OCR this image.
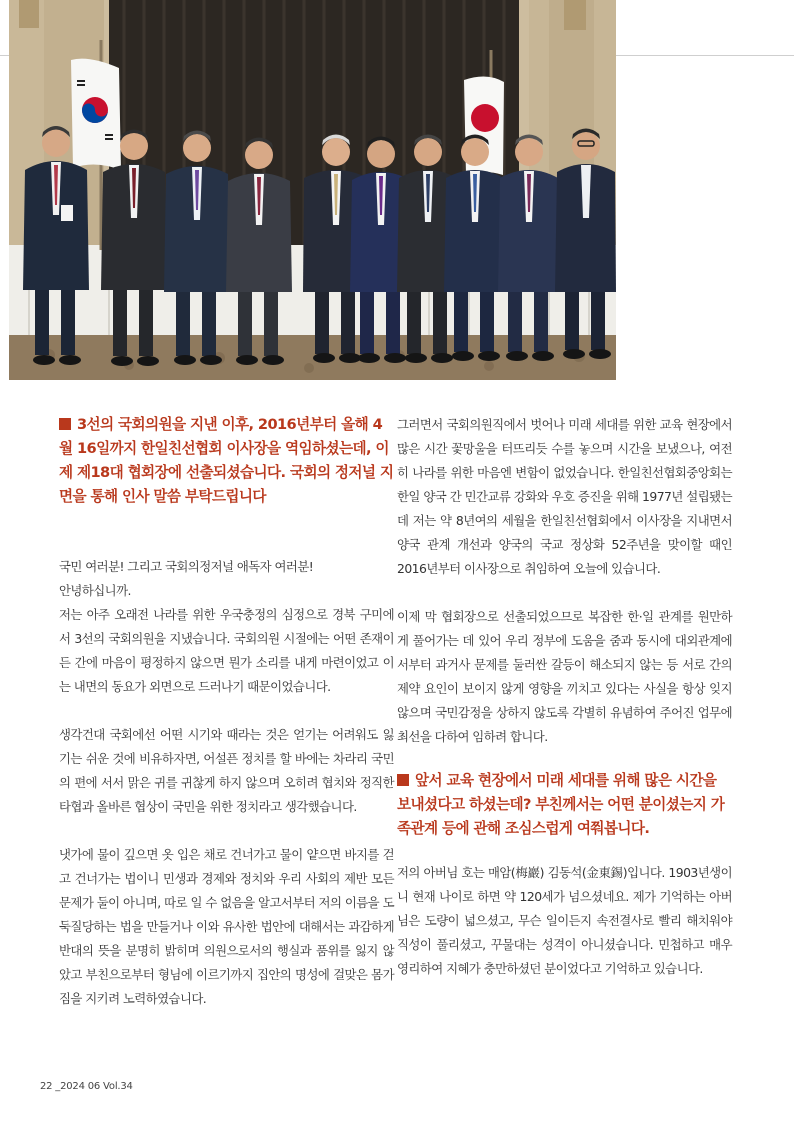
3선의 국회의원을 지낸 이후, 2016년부터 올해 4월 16일까지 한일친선협회 이사장을 역임하셨는데, 이제 제18대 협회장에 선출되셨습니다. 국회의 정저널 지면을 통해 인사 말씀 부탁드립니다

국민 여러분! 그리고 국회의정저널 애독자 여러분!

안녕하십니까.

저는 아주 오래전 나라를 위한 우국충정의 심정으로 경북 구미에서 3선의 국회의원을 지냈습니다. 국회의원 시절에는 어떤 존재이든 간에 마음이 평정하지 않으면 뭔가 소리를 내게 마련이었고 이는 내면의 동요가 외면으로 드러나기 때문이었습니다.

생각건대 국회에선 어떤 시기와 때라는 것은 얻기는 어려워도 잃기는 쉬운 것에 비유하자면, 어설픈 정치를 할 바에는 차라리 국민의 편에 서서 맑은 귀를 귀찮게 하지 않으며 오히려 협치와 정직한 타협과 올바른 협상이 국민을 위한 정치라고 생각했습니다.

냇가에 물이 깊으면 옷 입은 채로 건너가고 물이 얕으면 바지를 걷고 건너가는 법이니 민생과 경제와 정치와 우리 사회의 제반 모든 문제가 둘이 아니며, 따로 일 수 없음을 알고서부터 저의 이름을 도둑질당하는 법을 만들거나 이와 유사한 법안에 대해서는 과감하게 반대의 뜻을 분명히 밝히며 의원으로서의 행실과 품위를 잃지 않았고 부친으로부터 형님에 이르기까지 집안의 명성에 걸맞은 몸가짐을 지키려 노력하였습니다.

그러면서 국회의원직에서 벗어나 미래 세대를 위한 교육 현장에서 많은 시간 꽃망울을 터뜨리듯 수를 놓으며 시간을 보냈으나, 여전히 나라를 위한 마음엔 변함이 없었습니다. 한일친선협회중앙회는 한일 양국 간 민간교류 강화와 우호 증진을 위해 1977년 설립됐는데 저는 약 8년여의 세월을 한일친선협회에서 이사장을 지내면서 양국 관계 개선과 양국의 국교 정상화 52주년을 맞이할 때인 2016년부터 이사장으로 취임하여 오늘에 있습니다.

이제 막 협회장으로 선출되었으므로 복잡한 한·일 관계를 원만하게 풀어가는 데 있어 우리 정부에 도움을 줌과 동시에 대외관계에서부터 과거사 문제를 둘러싼 갈등이 해소되지 않는 등 서로 간의 제약 요인이 보이지 않게 영향을 끼치고 있다는 사실을 항상 잊지 않으며 국민감정을 상하지 않도록 각별히 유념하여 주어진 업무에 최선을 다하여 임하려 합니다.

앞서 교육 현장에서 미래 세대를 위해 많은 시간을 보내셨다고 하셨는데? 부친께서는 어떤 분이셨는지 가족관계 등에 관해 조심스럽게 여쭤봅니다.

저의 아버님 호는 매암(梅巖) 김동석(金東錫)입니다. 1903년생이니 현재 나이로 하면 약 120세가 넘으셨네요. 제가 기억하는 아버님은 도량이 넓으셨고, 무슨 일이든지 속전결사로 빨리 해치워야 직성이 풀리셨고, 꾸물대는 성격이 아니셨습니다. 민첩하고 매우 영리하여 지혜가 충만하셨던 분이었다고 기억하고 있습니다.

22 _2024 06 Vol.34
